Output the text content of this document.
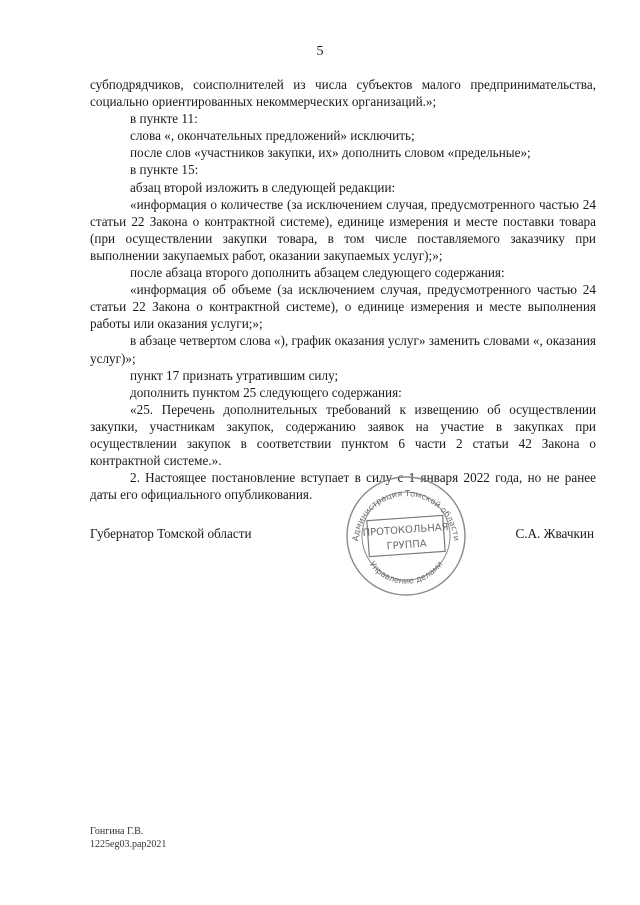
5

субподрядчиков, соисполнителей из числа субъектов малого предпринимательства, социально ориентированных некоммерческих организаций.»;

в пункте 11:

слова «, окончательных предложений» исключить;

после слов «участников закупки, их» дополнить словом «предельные»;

в пункте 15:

абзац второй изложить в следующей редакции:

«информация о количестве (за исключением случая, предусмотренного частью 24 статьи 22 Закона о контрактной системе), единице измерения и месте поставки товара (при осуществлении закупки товара, в том числе поставляемого заказчику при выполнении закупаемых работ, оказании закупаемых услуг);»;

после абзаца второго дополнить абзацем следующего содержания:

«информация об объеме (за исключением случая, предусмотренного частью 24 статьи 22 Закона о контрактной системе), о единице измерения и месте выполнения работы или оказания услуги;»;

в абзаце четвертом слова «), график оказания услуг» заменить словами «, оказания услуг)»;

пункт 17 признать утратившим силу;

дополнить пунктом 25 следующего содержания:

«25. Перечень дополнительных требований к извещению об осуществлении закупки, участникам закупок, содержанию заявок на участие в закупках при осуществлении закупок в соответствии пунктом 6 части 2 статьи 42 Закона о контрактной системе.».

2. Настоящее постановление вступает в силу с 1 января 2022 года, но не ранее даты его официального опубликования.

Губернатор Томской области	С.А. Жвачкин
Администрация Томской области
Управление делами
ПРОТОКОЛЬНАЯ
ГРУППА
Гонгина Г.В.
1225eg03.pap2021
